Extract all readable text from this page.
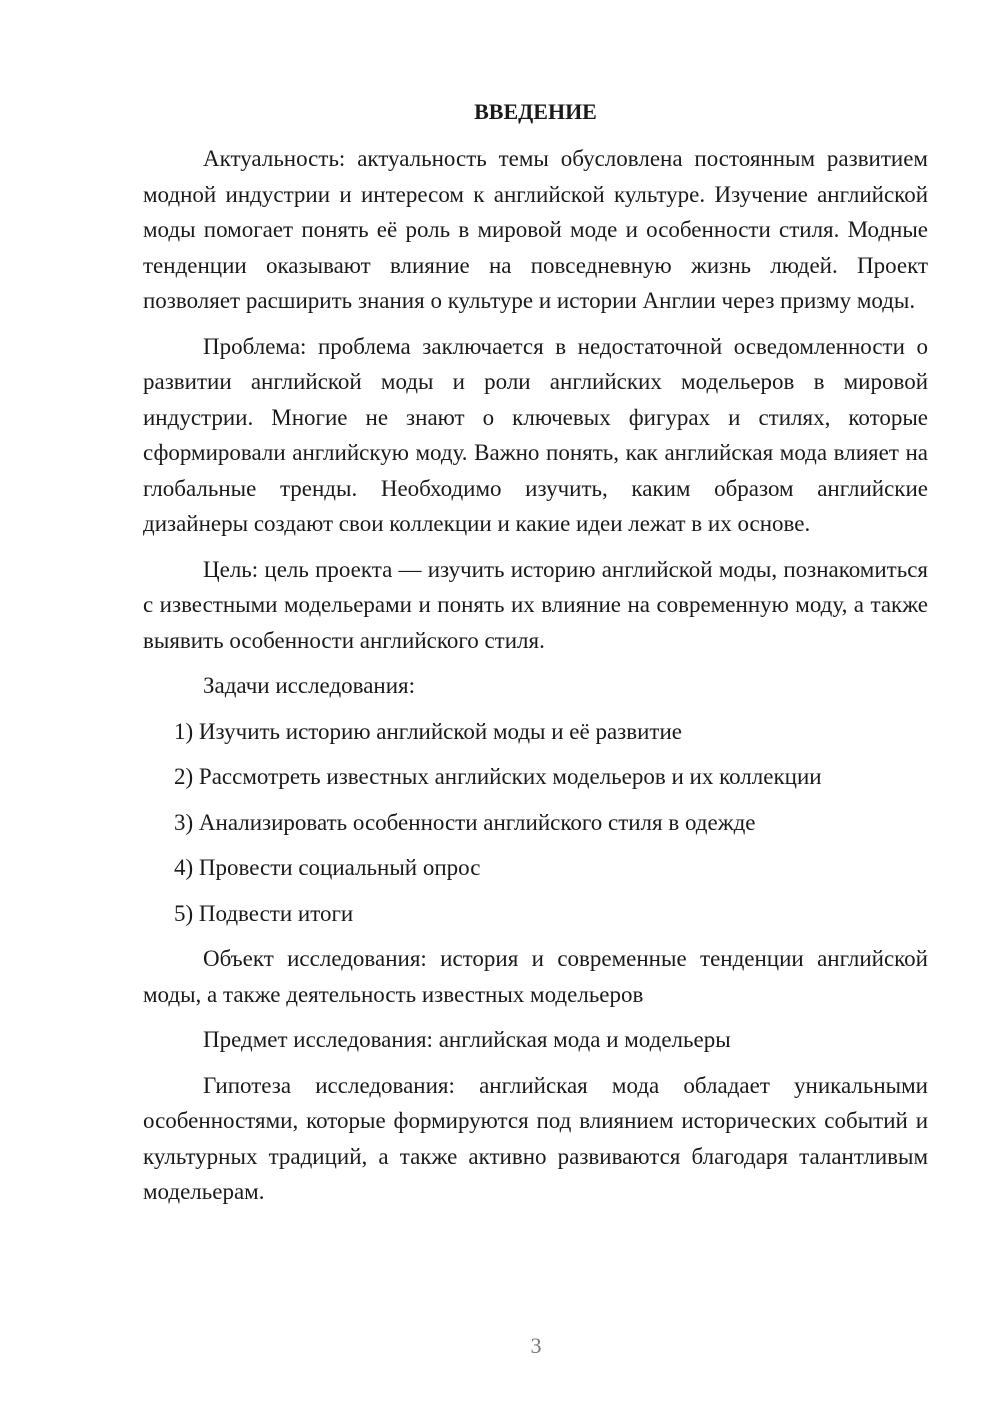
ВВЕДЕНИЕ

Актуальность: актуальность темы обусловлена постоянным развитием модной индустрии и интересом к английской культуре. Изучение английской моды помогает понять её роль в мировой моде и особенности стиля. Модные тенденции оказывают влияние на повседневную жизнь людей. Проект позволяет расширить знания о культуре и истории Англии через призму моды.

Проблема: проблема заключается в недостаточной осведомленности о развитии английской моды и роли английских модельеров в мировой индустрии. Многие не знают о ключевых фигурах и стилях, которые сформировали английскую моду. Важно понять, как английская мода влияет на глобальные тренды. Необходимо изучить, каким образом английские дизайнеры создают свои коллекции и какие идеи лежат в их основе.

Цель: цель проекта — изучить историю английской моды, познакомиться с известными модельерами и понять их влияние на современную моду, а также выявить особенности английского стиля.

Задачи исследования:

1) Изучить историю английской моды и её развитие
2) Рассмотреть известных английских модельеров и их коллекции
3) Анализировать особенности английского стиля в одежде
4) Провести социальный опрос
5) Подвести итоги

Объект исследования: история и современные тенденции английской моды, а также деятельность известных модельеров

Предмет исследования: английская мода и модельеры

Гипотеза исследования: английская мода обладает уникальными особенностями, которые формируются под влиянием исторических событий и культурных традиций, а также активно развиваются благодаря талантливым модельерам.

3
